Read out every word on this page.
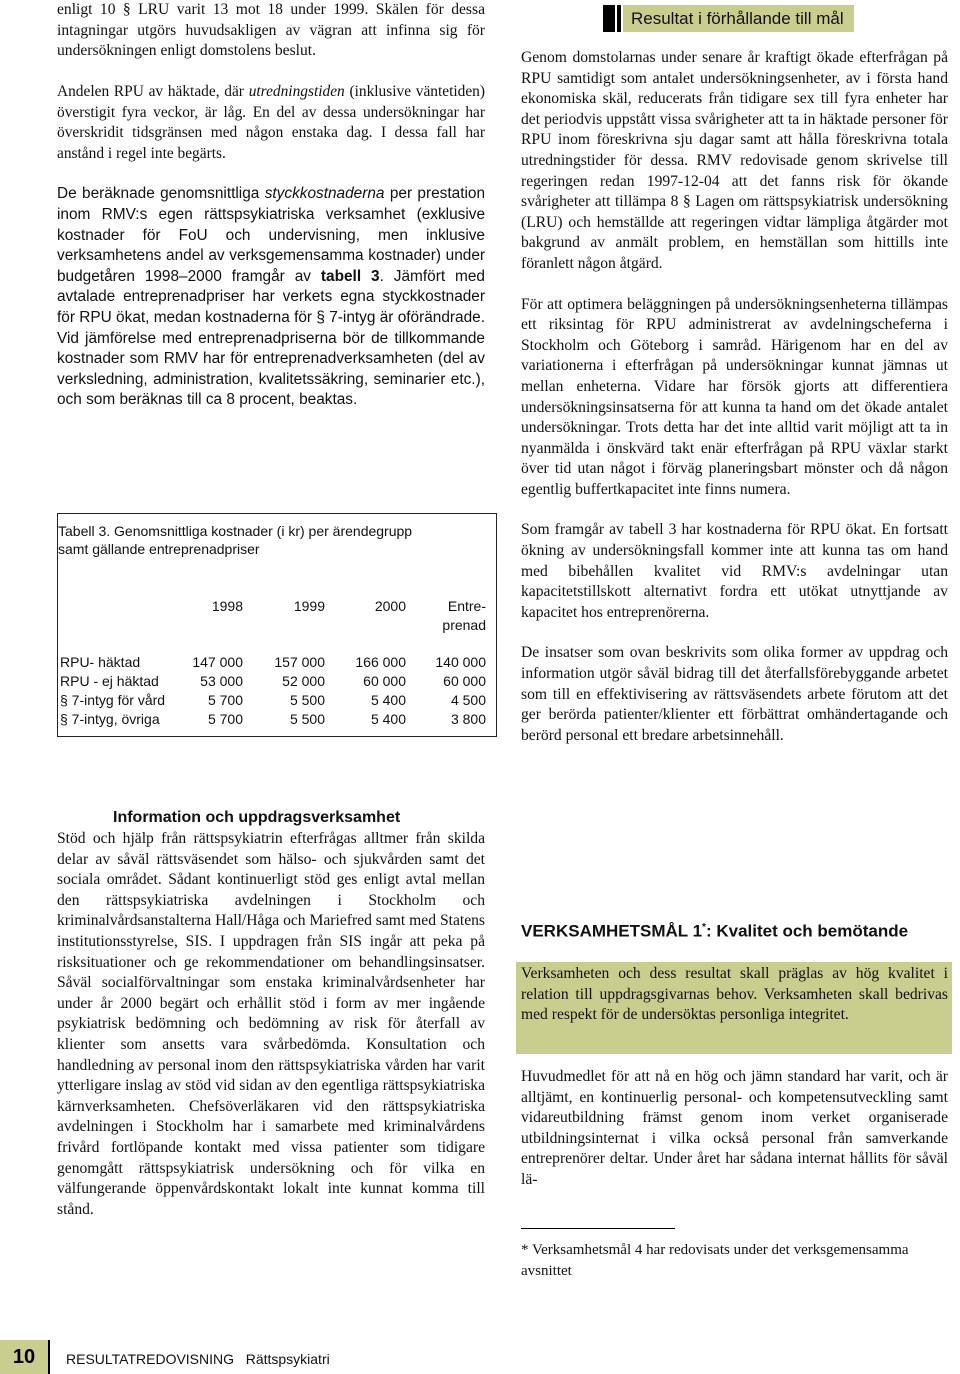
enligt 10 § LRU varit 13 mot 18 under 1999. Skälen för dessa intagningar utgörs huvudsakligen av vägran att infinna sig för undersökningen enligt domstolens beslut.

Andelen RPU av häktade, där utredningstiden (inklusive väntetiden) överstigit fyra veckor, är låg. En del av dessa undersökningar har överskridit tidsgränsen med någon enstaka dag. I dessa fall har anstånd i regel inte begärts.

De beräknade genomsnittliga styckkostnaderna per prestation inom RMV:s egen rättspsykiatriska verksamhet (exklusive kostnader för FoU och undervisning, men inklusive verksamhetens andel av verksgemensamma kostnader) under budgetåren 1998–2000 framgår av tabell 3. Jämfört med avtalade entreprenadpriser har verkets egna styckkostnader för RPU ökat, medan kostnaderna för § 7-intyg är oförändrade. Vid jämförelse med entreprenadpriserna bör de tillkommande kostnader som RMV har för entreprenadverksamheten (del av verksledning, administration, kvalitetssäkring, seminarier etc.), och som beräknas till ca 8 procent, beaktas.

Tabell 3. Genomsnittliga kostnader (i kr) per ärendegrupp
samt gällande entreprenadpriser
1998	1999	2000	Entre-
prenad
RPU- häktad	147 000	157 000	166 000	140 000
RPU - ej häktad	53 000	52 000	60 000	60 000
§ 7-intyg för vård	5 700	5 500	5 400	4 500
§ 7-intyg, övriga	5 700	5 500	5 400	3 800
Information och uppdragsverksamhet

Stöd och hjälp från rättspsykiatrin efterfrågas alltmer från skilda delar av såväl rättsväsendet som hälso- och sjukvården samt det sociala området. Sådant kontinuerligt stöd ges enligt avtal mellan den rättspsykiatriska avdelningen i Stockholm och kriminalvårdsanstalterna Hall/Håga och Mariefred samt med Statens institutionsstyrelse, SIS. I uppdragen från SIS ingår att peka på risksituationer och ge rekommendationer om behandlingsinsatser. Såväl socialförvaltningar som enstaka kriminalvårdsenheter har under år 2000 begärt och erhållit stöd i form av mer ingående psykiatrisk bedömning och bedömning av risk för återfall av klienter som ansetts vara svårbedömda. Konsultation och handledning av personal inom den rättspsykiatriska vården har varit ytterligare inslag av stöd vid sidan av den egentliga rättspsykiatriska kärnverksamheten. Chefsöverläkaren vid den rättspsykiatriska avdelningen i Stockholm har i samarbete med kriminalvårdens frivård fortlöpande kontakt med vissa patienter som tidigare genomgått rättspsykiatrisk undersökning och för vilka en välfungerande öppenvårdskontakt lokalt inte kunnat komma till stånd.

Resultat i förhållande till mål

Genom domstolarnas under senare år kraftigt ökade efterfrågan på RPU samtidigt som antalet undersökningsenheter, av i första hand ekonomiska skäl, reducerats från tidigare sex till fyra enheter har det periodvis uppstått vissa svårigheter att ta in häktade personer för RPU inom föreskrivna sju dagar samt att hålla föreskrivna totala utredningstider för dessa. RMV redovisade genom skrivelse till regeringen redan 1997-12-04 att det fanns risk för ökande svårigheter att tillämpa 8 § Lagen om rättspsykiatrisk undersökning (LRU) och hemställde att regeringen vidtar lämpliga åtgärder mot bakgrund av anmält problem, en hemställan som hittills inte föranlett någon åtgärd.

För att optimera beläggningen på undersökningsenheterna tillämpas ett riksintag för RPU administrerat av avdelningscheferna i Stockholm och Göteborg i samråd. Härigenom har en del av variationerna i efterfrågan på undersökningar kunnat jämnas ut mellan enheterna. Vidare har försök gjorts att differentiera undersökningsinsatserna för att kunna ta hand om det ökade antalet undersökningar. Trots detta har det inte alltid varit möjligt att ta in nyanmälda i önskvärd takt enär efterfrågan på RPU växlar starkt över tid utan något i förväg planeringsbart mönster och då någon egentlig buffertkapacitet inte finns numera.

Som framgår av tabell 3 har kostnaderna för RPU ökat. En fortsatt ökning av undersökningsfall kommer inte att kunna tas om hand med bibehållen kvalitet vid RMV:s avdelningar utan kapacitetstillskott alternativt fordra ett utökat utnyttjande av kapacitet hos entreprenörerna.

De insatser som ovan beskrivits som olika former av uppdrag och information utgör såväl bidrag till det återfallsförebyggande arbetet som till en effektivisering av rättsväsendets arbete förutom att det ger berörda patienter/klienter ett förbättrat omhändertagande och berörd personal ett bredare arbetsinnehåll.

VERKSAMHETSMÅL 1*: Kvalitet och bemötande

Verksamheten och dess resultat skall präglas av hög kvalitet i relation till uppdragsgivarnas behov. Verksamheten skall bedrivas med respekt för de undersöktas personliga integritet.

Huvudmedlet för att nå en hög och jämn standard har varit, och är alltjämt, en kontinuerlig personal- och kompetensutveckling samt vidareutbildning främst genom inom verket organiserade utbildningsinternat i vilka också personal från samverkande entreprenörer deltar. Under året har sådana internat hållits för såväl lä-

* Verksamhetsmål 4 har redovisats under det verksgemensamma avsnittet

10	RESULTATREDOVISNING Rättspsykiatri
